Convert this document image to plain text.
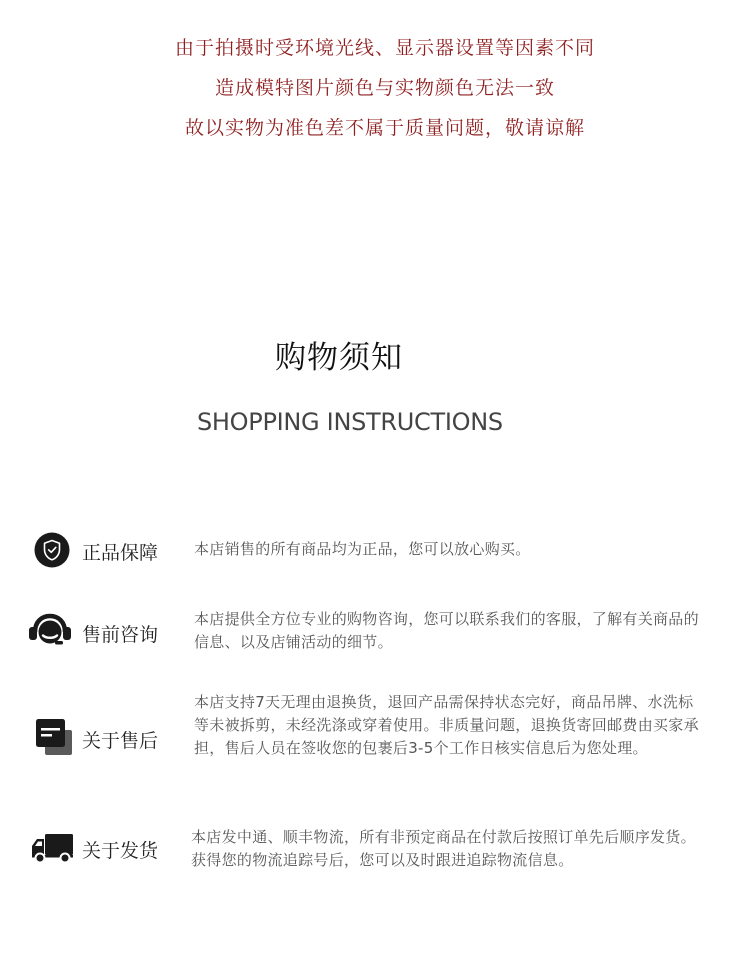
由于拍摄时受环境光线、显示器设置等因素不同
造成模特图片颜色与实物颜色无法一致
故以实物为准色差不属于质量问题，敬请谅解
购物须知
SHOPPING INSTRUCTIONS
正品保障 本店销售的所有商品均为正品，您可以放心购买。
售前咨询
本店提供全方位专业的购物咨询，您可以联系我们的客服，了解有关商品的信息、以及店铺活动的细节。
关于售后
本店支持7天无理由退换货，退回产品需保持状态完好，商品吊牌、水洗标等未被拆剪，未经洗涤或穿着使用。非质量问题，退换货寄回邮费由买家承担，售后人员在签收您的包裹后3-5个工作日核实信息后为您处理。
关于发货
本店发中通、顺丰物流，所有非预定商品在付款后按照订单先后顺序发货。获得您的物流追踪号后，您可以及时跟进追踪物流信息。
